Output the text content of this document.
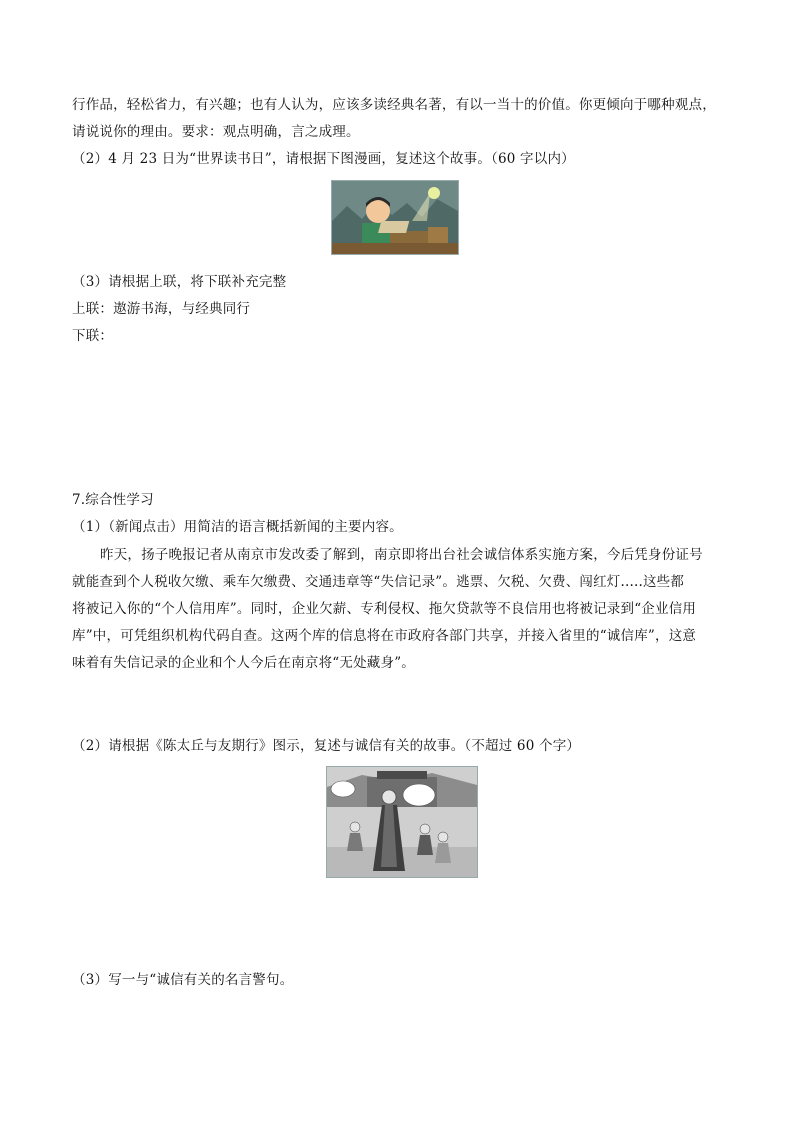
行作品，轻松省力，有兴趣；也有人认为，应该多读经典名著，有以一当十的价值。你更倾向于哪种观点，
请说说你的理由。要求：观点明确，言之成理。
（2）4 月 23 日为“世界读书日”，请根据下图漫画，复述这个故事。（60 字以内）
（3）请根据上联，将下联补充完整
上联：遨游书海，与经典同行
下联：
7.综合性学习
（1）（新闻点击）用简洁的语言概括新闻的主要内容。
昨天，扬子晚报记者从南京市发改委了解到，南京即将出台社会诚信体系实施方案，今后凭身份证号
就能查到个人税收欠缴、乘车欠缴费、交通违章等“失信记录”。逃票、欠税、欠费、闯红灯.....这些都
将被记入你的“个人信用库”。同时，企业欠薪、专利侵权、拖欠贷款等不良信用也将被记录到“企业信用
库”中，可凭组织机构代码自查。这两个库的信息将在市政府各部门共享，并接入省里的“诚信库”，这意
味着有失信记录的企业和个人今后在南京将“无处藏身”。
（2）请根据《陈太丘与友期行》图示，复述与诚信有关的故事。（不超过 60 个字）
（3）写一与“诚信有关的名言警句。
